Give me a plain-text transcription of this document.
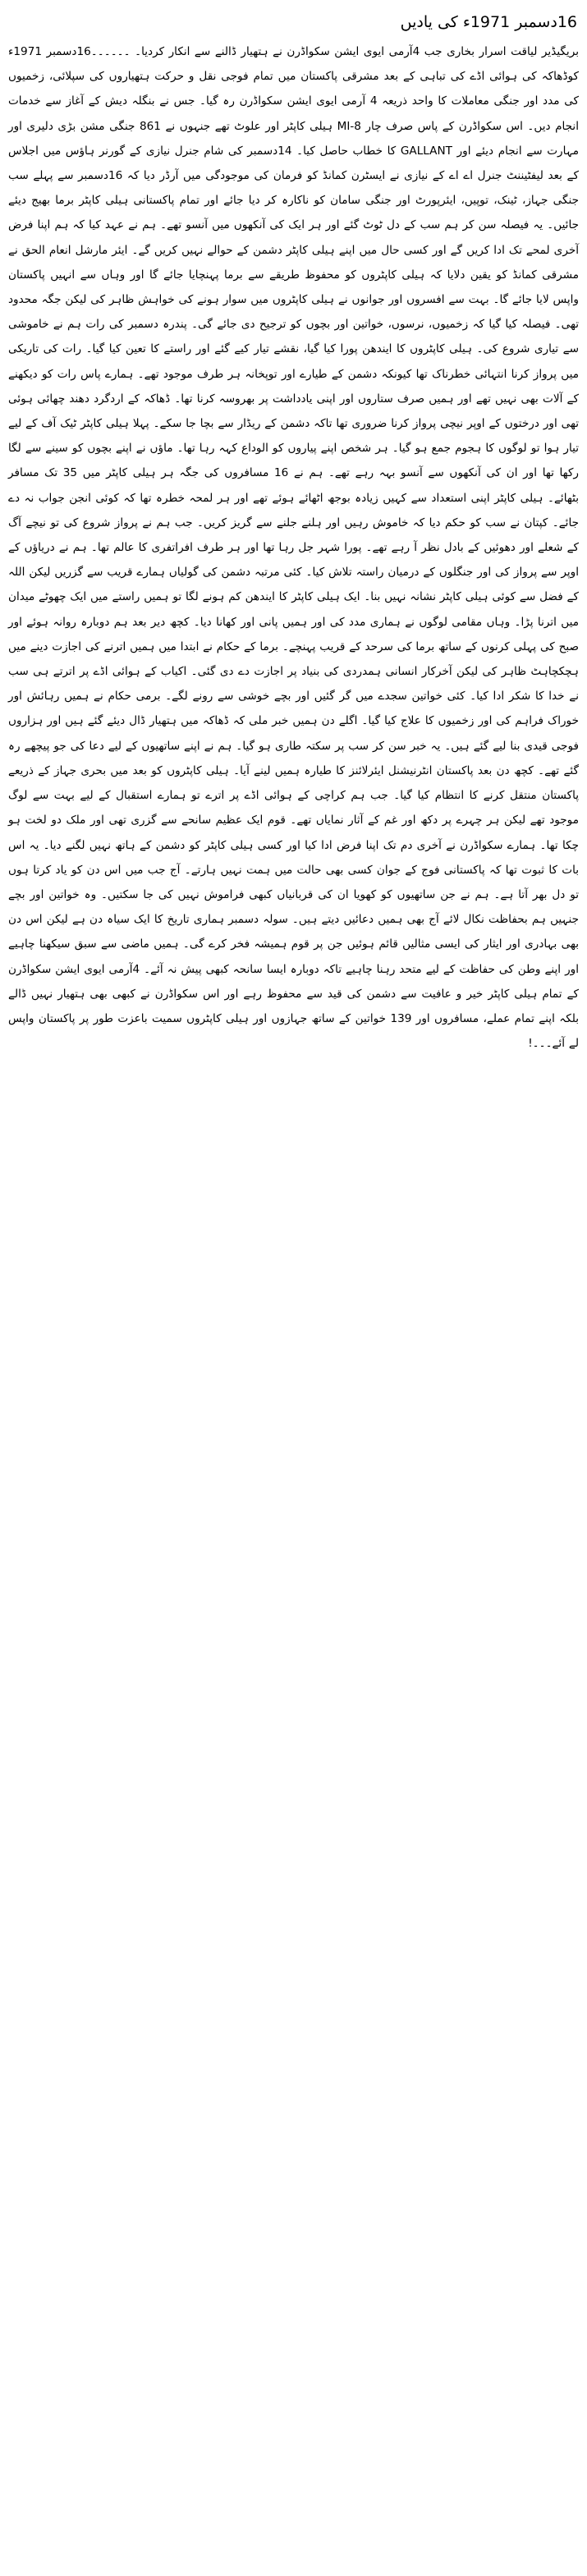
16دسمبر 1971ء کی یادیں

بریگیڈیر لیاقت اسرار بخاری جب 4آرمی ایوی ایشن سکواڈرن نے ہتھیار ڈالنے سے انکار کردیا۔ ۔۔۔۔۔۔16دسمبر 1971ء کوڈھاکہ کی ہوائی اڈے کی تباہی کے بعد مشرقی پاکستان میں تمام فوجی نقل و حرکت ہتھیاروں کی سپلائی، زخمیوں کی مدد اور جنگی معاملات کا واحد ذریعہ 4 آرمی ایوی ایشن سکواڈرن رہ گیا۔ جس نے بنگلہ دیش کے آغاز سے خدمات انجام دیں۔ اس سکواڈرن کے پاس صرف چار MI-8 ہیلی کاپٹر اور علوٹ تھے جنہوں نے 861 جنگی مشن بڑی دلیری اور مہارت سے انجام دیئے اور GALLANT کا خطاب حاصل کیا۔ 14دسمبر کی شام جنرل نیازی کے گورنر ہاؤس میں اجلاس کے بعد لیفٹیننٹ جنرل اے اے کے نیازی نے ایسٹرن کمانڈ کو فرمان کی موجودگی میں آرڈر دیا کہ 16دسمبر سے پہلے سب جنگی جہاز، ٹینک، توپیں، ایئرپورٹ اور جنگی سامان کو ناکارہ کر دیا جائے اور تمام پاکستانی ہیلی کاپٹر برما بھیج دیئے جائیں۔ یہ فیصلہ سن کر ہم سب کے دل ٹوٹ گئے اور ہر ایک کی آنکھوں میں آنسو تھے۔ ہم نے عہد کیا کہ ہم اپنا فرض آخری لمحے تک ادا کریں گے اور کسی حال میں اپنے ہیلی کاپٹر دشمن کے حوالے نہیں کریں گے۔ ایئر مارشل انعام الحق نے مشرقی کمانڈ کو یقین دلایا کہ ہیلی کاپٹروں کو محفوظ طریقے سے برما پہنچایا جائے گا اور وہاں سے انہیں پاکستان واپس لایا جائے گا۔ بہت سے افسروں اور جوانوں نے ہیلی کاپٹروں میں سوار ہونے کی خواہش ظاہر کی لیکن جگہ محدود تھی۔ فیصلہ کیا گیا کہ زخمیوں، نرسوں، خواتین اور بچوں کو ترجیح دی جائے گی۔ پندرہ دسمبر کی رات ہم نے خاموشی سے تیاری شروع کی۔ ہیلی کاپٹروں کا ایندھن پورا کیا گیا، نقشے تیار کیے گئے اور راستے کا تعین کیا گیا۔ رات کی تاریکی میں پرواز کرنا انتہائی خطرناک تھا کیونکہ دشمن کے طیارے اور توپخانہ ہر طرف موجود تھے۔ ہمارے پاس رات کو دیکھنے کے آلات بھی نہیں تھے اور ہمیں صرف ستاروں اور اپنی یادداشت پر بھروسہ کرنا تھا۔ ڈھاکہ کے اردگرد دھند چھائی ہوئی تھی اور درختوں کے اوپر نیچی پرواز کرنا ضروری تھا تاکہ دشمن کے ریڈار سے بچا جا سکے۔ پہلا ہیلی کاپٹر ٹیک آف کے لیے تیار ہوا تو لوگوں کا ہجوم جمع ہو گیا۔ ہر شخص اپنے پیاروں کو الوداع کہہ رہا تھا۔ ماؤں نے اپنے بچوں کو سینے سے لگا رکھا تھا اور ان کی آنکھوں سے آنسو بہہ رہے تھے۔ ہم نے 16 مسافروں کی جگہ ہر ہیلی کاپٹر میں 35 تک مسافر بٹھائے۔ ہیلی کاپٹر اپنی استعداد سے کہیں زیادہ بوجھ اٹھائے ہوئے تھے اور ہر لمحہ خطرہ تھا کہ کوئی انجن جواب نہ دے جائے۔ کپتان نے سب کو حکم دیا کہ خاموش رہیں اور ہلنے جلنے سے گریز کریں۔ جب ہم نے پرواز شروع کی تو نیچے آگ کے شعلے اور دھوئیں کے بادل نظر آ رہے تھے۔ پورا شہر جل رہا تھا اور ہر طرف افراتفری کا عالم تھا۔ ہم نے دریاؤں کے اوپر سے پرواز کی اور جنگلوں کے درمیان راستہ تلاش کیا۔ کئی مرتبہ دشمن کی گولیاں ہمارے قریب سے گزریں لیکن اللہ کے فضل سے کوئی ہیلی کاپٹر نشانہ نہیں بنا۔ ایک ہیلی کاپٹر کا ایندھن کم ہونے لگا تو ہمیں راستے میں ایک چھوٹے میدان میں اترنا پڑا۔ وہاں مقامی لوگوں نے ہماری مدد کی اور ہمیں پانی اور کھانا دیا۔ کچھ دیر بعد ہم دوبارہ روانہ ہوئے اور صبح کی پہلی کرنوں کے ساتھ برما کی سرحد کے قریب پہنچے۔ برما کے حکام نے ابتدا میں ہمیں اترنے کی اجازت دینے میں ہچکچاہٹ ظاہر کی لیکن آخرکار انسانی ہمدردی کی بنیاد پر اجازت دے دی گئی۔ اکیاب کے ہوائی اڈے پر اترتے ہی سب نے خدا کا شکر ادا کیا۔ کئی خواتین سجدے میں گر گئیں اور بچے خوشی سے رونے لگے۔ برمی حکام نے ہمیں رہائش اور خوراک فراہم کی اور زخمیوں کا علاج کیا گیا۔ اگلے دن ہمیں خبر ملی کہ ڈھاکہ میں ہتھیار ڈال دیئے گئے ہیں اور ہزاروں فوجی قیدی بنا لیے گئے ہیں۔ یہ خبر سن کر سب پر سکتہ طاری ہو گیا۔ ہم نے اپنے ساتھیوں کے لیے دعا کی جو پیچھے رہ گئے تھے۔ کچھ دن بعد پاکستان انٹرنیشنل ایئرلائنز کا طیارہ ہمیں لینے آیا۔ ہیلی کاپٹروں کو بعد میں بحری جہاز کے ذریعے پاکستان منتقل کرنے کا انتظام کیا گیا۔ جب ہم کراچی کے ہوائی اڈے پر اترے تو ہمارے استقبال کے لیے بہت سے لوگ موجود تھے لیکن ہر چہرے پر دکھ اور غم کے آثار نمایاں تھے۔ قوم ایک عظیم سانحے سے گزری تھی اور ملک دو لخت ہو چکا تھا۔ ہمارے سکواڈرن نے آخری دم تک اپنا فرض ادا کیا اور کسی ہیلی کاپٹر کو دشمن کے ہاتھ نہیں لگنے دیا۔ یہ اس بات کا ثبوت تھا کہ پاکستانی فوج کے جوان کسی بھی حالت میں ہمت نہیں ہارتے۔ آج جب میں اس دن کو یاد کرتا ہوں تو دل بھر آتا ہے۔ ہم نے جن ساتھیوں کو کھویا ان کی قربانیاں کبھی فراموش نہیں کی جا سکتیں۔ وہ خواتین اور بچے جنہیں ہم بحفاظت نکال لائے آج بھی ہمیں دعائیں دیتے ہیں۔ سولہ دسمبر ہماری تاریخ کا ایک سیاہ دن ہے لیکن اس دن بھی بہادری اور ایثار کی ایسی مثالیں قائم ہوئیں جن پر قوم ہمیشہ فخر کرے گی۔ ہمیں ماضی سے سبق سیکھنا چاہیے اور اپنے وطن کی حفاظت کے لیے متحد رہنا چاہیے تاکہ دوبارہ ایسا سانحہ کبھی پیش نہ آئے۔ 4آرمی ایوی ایشن سکواڈرن کے تمام ہیلی کاپٹر خیر و عافیت سے دشمن کی قید سے محفوظ رہے اور اس سکواڈرن نے کبھی بھی ہتھیار نہیں ڈالے بلکہ اپنے تمام عملے، مسافروں اور 139 خواتین کے ساتھ جہازوں اور ہیلی کاپٹروں سمیت باعزت طور پر پاکستان واپس لے آئے۔۔۔!
